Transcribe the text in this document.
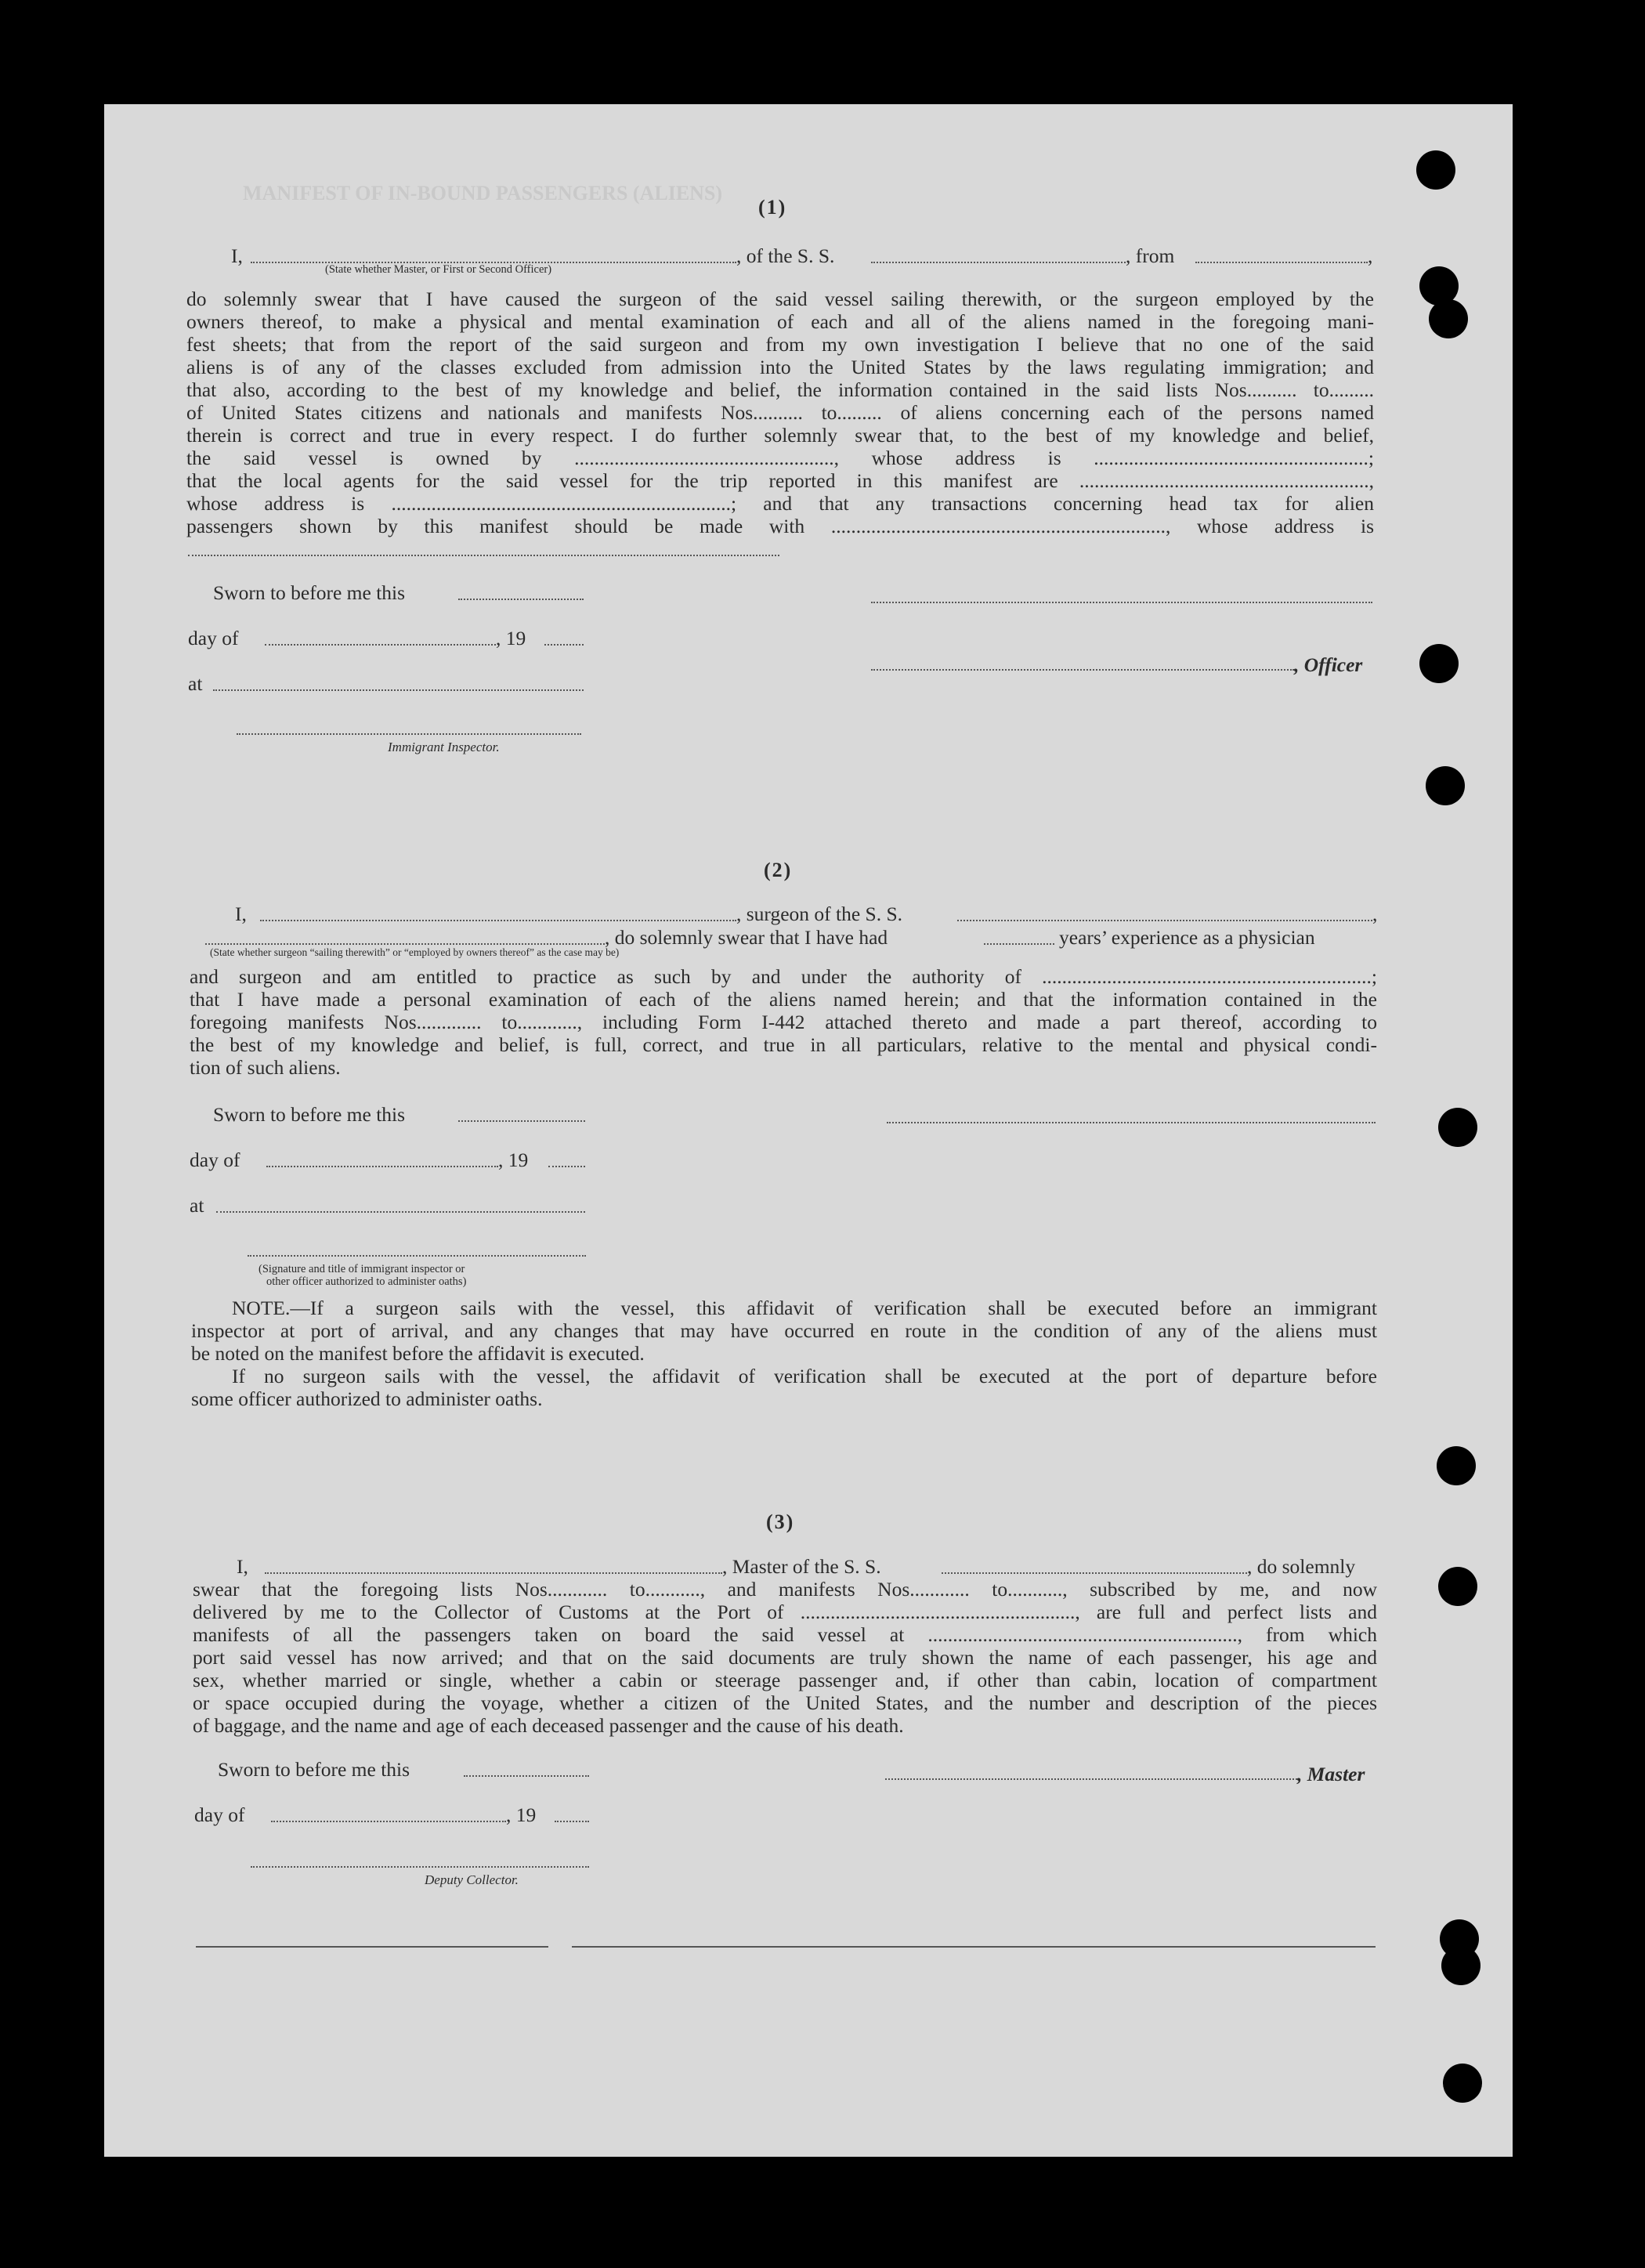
MANIFEST OF IN-BOUND PASSENGERS (ALIENS)
(1)
I,	, of the S. S.	, from	,
(State whether Master, or First or Second Officer)
do solemnly swear that I have caused the surgeon of the said vessel sailing therewith, or the surgeon employed by the
owners thereof, to make a physical and mental examination of each and all of the aliens named in the foregoing mani-
fest sheets; that from the report of the said surgeon and from my own investigation I believe that no one of the said
aliens is of any of the classes excluded from admission into the United States by the laws regulating immigration; and
that also, according to the best of my knowledge and belief, the information contained in the said lists Nos.......... to.........
of United States citizens and nationals and manifests Nos.......... to......... of aliens concerning each of the persons named
therein is correct and true in every respect. I do further solemnly swear that, to the best of my knowledge and belief,
the said vessel is owned by ...................................................., whose address is .......................................................;
that the local agents for the said vessel for the trip reported in this manifest are ..........................................................,
whose address is ....................................................................; and that any transactions concerning head tax for alien
passengers shown by this manifest should be made with ..................................................................., whose address is
Sworn to before me this
day of	, 19
, Officer
at
Immigrant Inspector.
(2)
I,	, surgeon of the S. S.	,
, do solemnly swear that I have had	years’ experience as a physician
(State whether surgeon “sailing therewith” or “employed by owners thereof” as the case may be)
and surgeon and am entitled to practice as such by and under the authority of ..................................................................;
that I have made a personal examination of each of the aliens named herein; and that the information contained in the
foregoing manifests Nos............. to............, including Form I-442 attached thereto and made a part thereof, according to
the best of my knowledge and belief, is full, correct, and true in all particulars, relative to the mental and physical condi-
tion of such aliens.
Sworn to before me this
day of	, 19
at
(Signature and title of immigrant inspector or
other officer authorized to administer oaths)
NOTE.—If a surgeon sails with the vessel, this affidavit of verification shall be executed before an immigrant
inspector at port of arrival, and any changes that may have occurred en route in the condition of any of the aliens must
be noted on the manifest before the affidavit is executed.
If no surgeon sails with the vessel, the affidavit of verification shall be executed at the port of departure before
some officer authorized to administer oaths.
(3)
I,	, Master of the S. S.	, do solemnly
swear that the foregoing lists Nos............ to..........., and manifests Nos............ to..........., subscribed by me, and now
delivered by me to the Collector of Customs at the Port of ......................................................., are full and perfect lists and
manifests of all the passengers taken on board the said vessel at .............................................................., from which
port said vessel has now arrived; and that on the said documents are truly shown the name of each passenger, his age and
sex, whether married or single, whether a cabin or steerage passenger and, if other than cabin, location of compartment
or space occupied during the voyage, whether a citizen of the United States, and the number and description of the pieces
of baggage, and the name and age of each deceased passenger and the cause of his death.
Sworn to before me this	, Master
day of	, 19
Deputy Collector.
